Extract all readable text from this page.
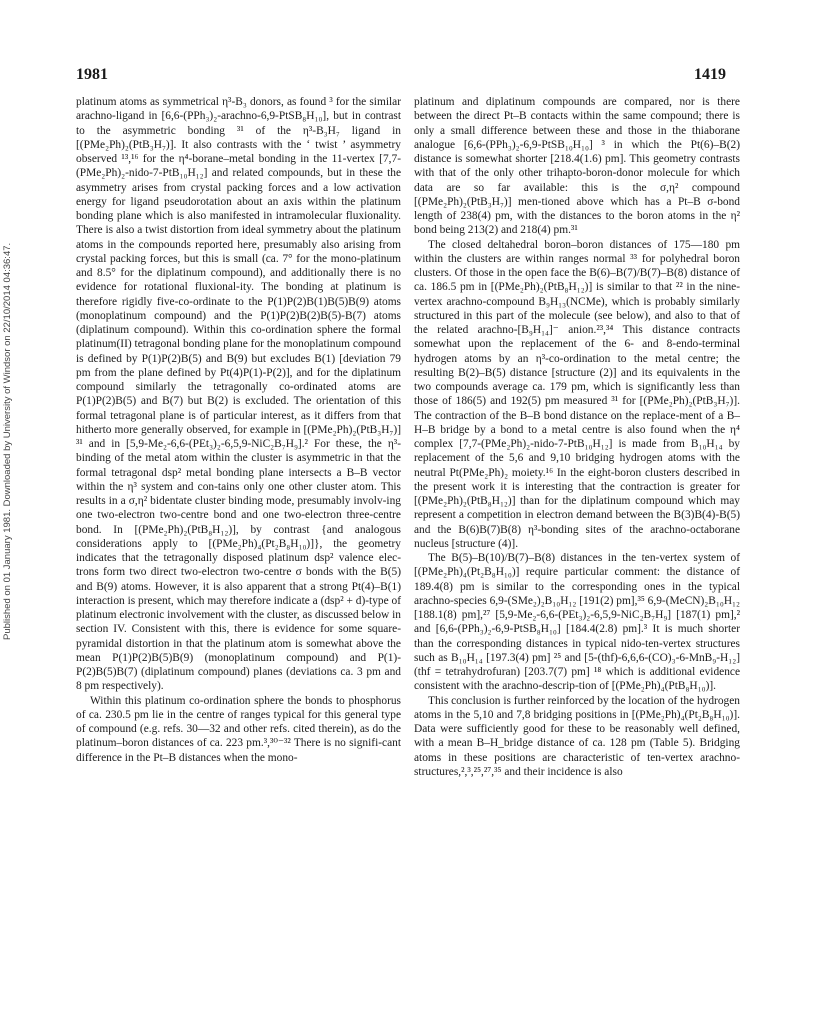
1981	1419
Published on 01 January 1981. Downloaded by University of Windsor on 22/10/2014 04:36:47.

platinum atoms as symmetrical η³-B₃ donors, as found ³ for the similar arachno-ligand in [6,6-(PPh₃)₂-arachno-6,9-PtSB₈H₁₀], but in contrast to the asymmetric bonding ³¹ of the η³-B₃H₇ ligand in [(PMe₂Ph)₂(PtB₃H₇)]. It also contrasts with the ‘ twist ’ asymmetry observed ¹³,¹⁶ for the η⁴-borane–metal bonding in the 11-vertex [7,7-(PMe₂Ph)₂-nido-7-PtB₁₀H₁₂] and related compounds, but in these the asymmetry arises from crystal packing forces and a low activation energy for ligand pseudorotation about an axis within the platinum bonding plane which is also manifested in intramolecular fluxionality. There is also a twist distortion from ideal symmetry about the platinum atoms in the compounds reported here, presumably also arising from crystal packing forces, but this is small (ca. 7° for the mono-platinum and 8.5° for the diplatinum compound), and additionally there is no evidence for rotational fluxional-ity. The bonding at platinum is therefore rigidly five-co-ordinate to the P(1)P(2)B(1)B(5)B(9) atoms (monoplatinum compound) and the P(1)P(2)B(2)B(5)-B(7) atoms (diplatinum compound). Within this co-ordination sphere the formal platinum(II) tetragonal bonding plane for the monoplatinum compound is defined by P(1)P(2)B(5) and B(9) but excludes B(1) [deviation 79 pm from the plane defined by Pt(4)P(1)-P(2)], and for the diplatinum compound similarly the tetragonally co-ordinated atoms are P(1)P(2)B(5) and B(7) but B(2) is excluded. The orientation of this formal tetragonal plane is of particular interest, as it differs from that hitherto more generally observed, for example in [(PMe₂Ph)₂(PtB₃H₇)] ³¹ and in [5,9-Me₂-6,6-(PEt₃)₂-6,5,9-NiC₂B₇H₉].² For these, the η³-binding of the metal atom within the cluster is asymmetric in that the formal tetragonal dsp² metal bonding plane intersects a B–B vector within the η³ system and con-tains only one other cluster atom. This results in a σ,η² bidentate cluster binding mode, presumably involv-ing one two-electron two-centre bond and one two-electron three-centre bond. In [(PMe₂Ph)₂(PtB₈H₁₂)], by contrast {and analogous considerations apply to [(PMe₂Ph)₄(Pt₂B₈H₁₀)]}, the geometry indicates that the tetragonally disposed platinum dsp² valence elec-trons form two direct two-electron two-centre σ bonds with the B(5) and B(9) atoms. However, it is also apparent that a strong Pt(4)–B(1) interaction is present, which may therefore indicate a (dsp² + d)-type of platinum electronic involvement with the cluster, as discussed below in section IV. Consistent with this, there is evidence for some square-pyramidal distortion in that the platinum atom is somewhat above the mean P(1)P(2)B(5)B(9) (monoplatinum compound) and P(1)-P(2)B(5)B(7) (diplatinum compound) planes (deviations ca. 3 pm and 8 pm respectively).

Within this platinum co-ordination sphere the bonds to phosphorus of ca. 230.5 pm lie in the centre of ranges typical for this general type of compound (e.g. refs. 30—32 and other refs. cited therein), as do the platinum–boron distances of ca. 223 pm.³,³⁰⁻³² There is no signifi-cant difference in the Pt–B distances when the mono-

platinum and diplatinum compounds are compared, nor is there between the direct Pt–B contacts within the same compound; there is only a small difference between these and those in the thiaborane analogue [6,6-(PPh₃)₂-6,9-PtSB₁₀H₁₀] ³ in which the Pt(6)–B(2) distance is somewhat shorter [218.4(1.6) pm]. This geometry contrasts with that of the only other trihapto-boron-donor molecule for which data are so far available: this is the σ,η² compound [(PMe₂Ph)₂(PtB₃H₇)] men-tioned above which has a Pt–B σ-bond length of 238(4) pm, with the distances to the boron atoms in the η² bond being 213(2) and 218(4) pm.³¹

The closed deltahedral boron–boron distances of 175—180 pm within the clusters are within ranges normal ³³ for polyhedral boron clusters. Of those in the open face the B(6)–B(7)/B(7)–B(8) distance of ca. 186.5 pm in [(PMe₂Ph)₂(PtB₈H₁₂)] is similar to that ²² in the nine-vertex arachno-compound B₉H₁₃(NCMe), which is probably similarly structured in this part of the molecule (see below), and also to that of the related arachno-[B₉H₁₄]⁻ anion.²³,³⁴ This distance contracts somewhat upon the replacement of the 6- and 8-endo-terminal hydrogen atoms by an η³-co-ordination to the metal centre; the resulting B(2)–B(5) distance [structure (2)] and its equivalents in the two compounds average ca. 179 pm, which is significantly less than those of 186(5) and 192(5) pm measured ³¹ for [(PMe₂Ph)₂(PtB₃H₇)]. The contraction of the B–B bond distance on the replace-ment of a B–H–B bridge by a bond to a metal centre is also found when the η⁴ complex [7,7-(PMe₂Ph)₂-nido-7-PtB₁₀H₁₂] is made from B₁₀H₁₄ by replacement of the 5,6 and 9,10 bridging hydrogen atoms with the neutral Pt(PMe₂Ph)₂ moiety.¹⁶ In the eight-boron clusters described in the present work it is interesting that the contraction is greater for [(PMe₂Ph)₂(PtB₈H₁₂)] than for the diplatinum compound which may represent a competition in electron demand between the B(3)B(4)-B(5) and the B(6)B(7)B(8) η³-bonding sites of the arachno-octaborane nucleus [structure (4)].

The B(5)–B(10)/B(7)–B(8) distances in the ten-vertex system of [(PMe₂Ph)₄(Pt₂B₈H₁₀)] require particular comment: the distance of 189.4(8) pm is similar to the corresponding ones in the typical arachno-species 6,9-(SMe₂)₂B₁₀H₁₂ [191(2) pm],³⁵ 6,9-(MeCN)₂B₁₀H₁₂ [188.1(8) pm],²⁷ [5,9-Me₂-6,6-(PEt₃)₂-6,5,9-NiC₂B₇H₉] [187(1) pm],² and [6,6-(PPh₃)₂-6,9-PtSB₈H₁₀] [184.4(2.8) pm].³ It is much shorter than the corresponding distances in typical nido-ten-vertex structures such as B₁₀H₁₄ [197.3(4) pm] ²⁵ and [5-(thf)-6,6,6-(CO)₃-6-MnB₉-H₁₂] (thf = tetrahydrofuran) [203.7(7) pm] ¹⁸ which is additional evidence consistent with the arachno-descrip-tion of [(PMe₂Ph)₄(PtB₈H₁₀)].

This conclusion is further reinforced by the location of the hydrogen atoms in the 5,10 and 7,8 bridging positions in [(PMe₂Ph)₄(Pt₂B₈H₁₀)]. Data were sufficiently good for these to be reasonably well defined, with a mean B–H_bridge distance of ca. 128 pm (Table 5). Bridging atoms in these positions are characteristic of ten-vertex arachno-structures,²,³,²⁵,²⁷,³⁵ and their incidence is also
